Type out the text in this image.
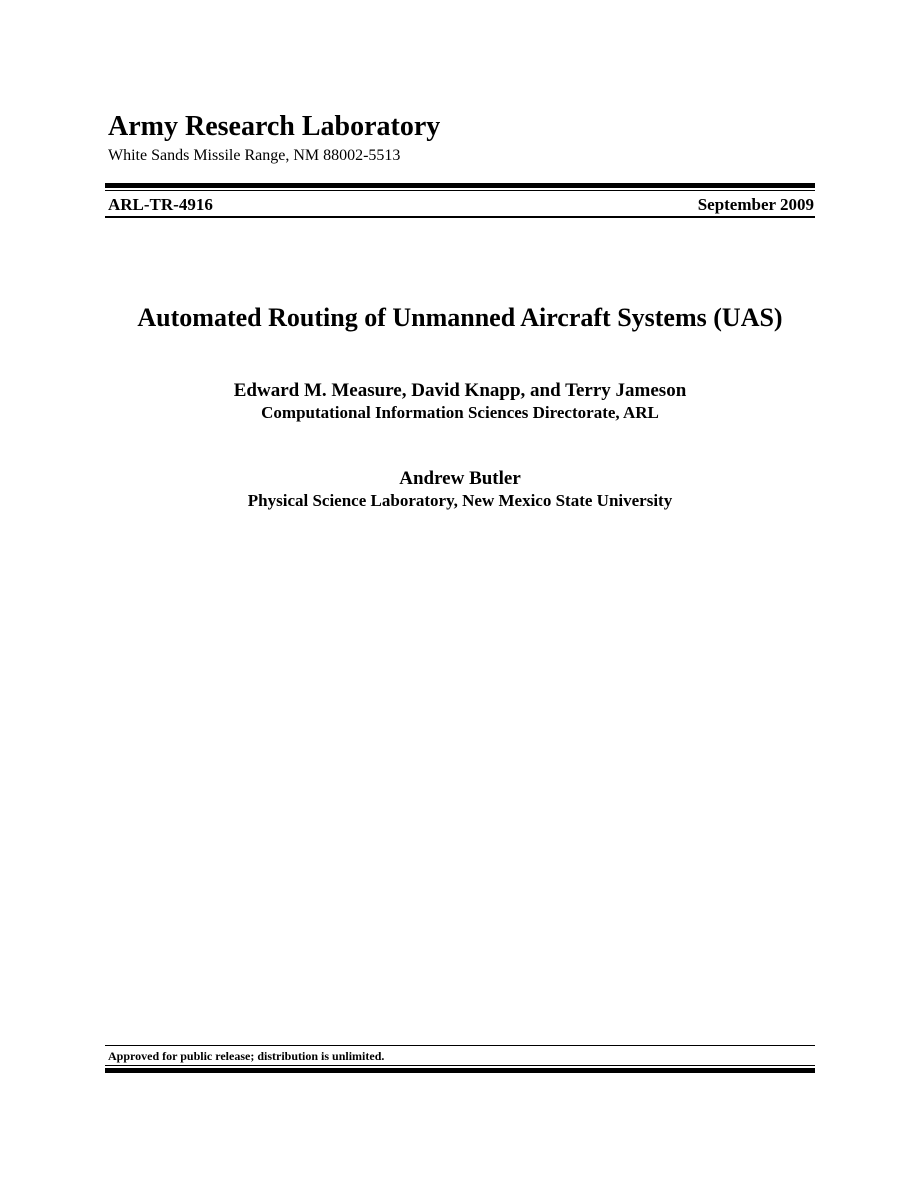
Army Research Laboratory
White Sands Missile Range, NM 88002-5513
ARL-TR-4916	September 2009
Automated Routing of Unmanned Aircraft Systems (UAS)
Edward M. Measure, David Knapp, and Terry Jameson
Computational Information Sciences Directorate, ARL
Andrew Butler
Physical Science Laboratory, New Mexico State University
Approved for public release; distribution is unlimited.
